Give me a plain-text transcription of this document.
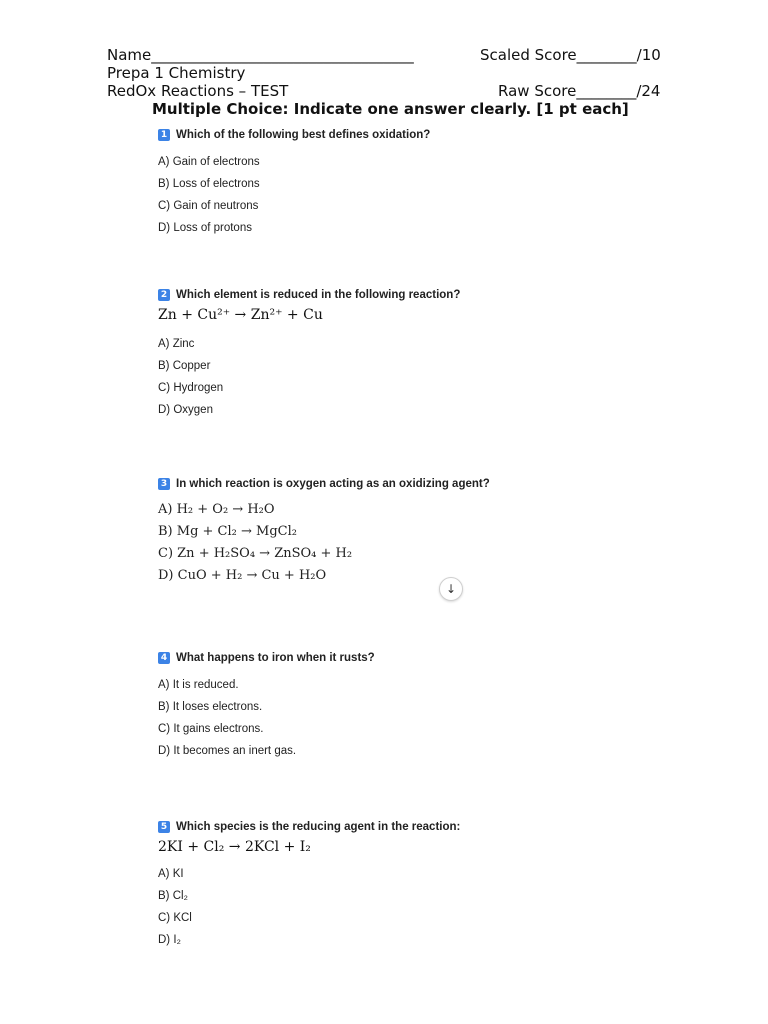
Name___________________________________	Scaled Score________/10
Prepa 1 Chemistry
RedOx Reactions – TEST	Raw Score________/24
Multiple Choice: Indicate one answer clearly. [1 pt each]
1 Which of the following best defines oxidation?
A) Gain of electrons
B) Loss of electrons
C) Gain of neutrons
D) Loss of protons
2 Which element is reduced in the following reaction?
Zn + Cu²⁺ → Zn²⁺ + Cu
A) Zinc
B) Copper
C) Hydrogen
D) Oxygen
3 In which reaction is oxygen acting as an oxidizing agent?
A) H₂ + O₂ → H₂O
B) Mg + Cl₂ → MgCl₂
C) Zn + H₂SO₄ → ZnSO₄ + H₂
D) CuO + H₂ → Cu + H₂O
↓
4 What happens to iron when it rusts?
A) It is reduced.
B) It loses electrons.
C) It gains electrons.
D) It becomes an inert gas.
5 Which species is the reducing agent in the reaction:
2KI + Cl₂ → 2KCl + I₂
A) KI
B) Cl₂
C) KCl
D) I₂
